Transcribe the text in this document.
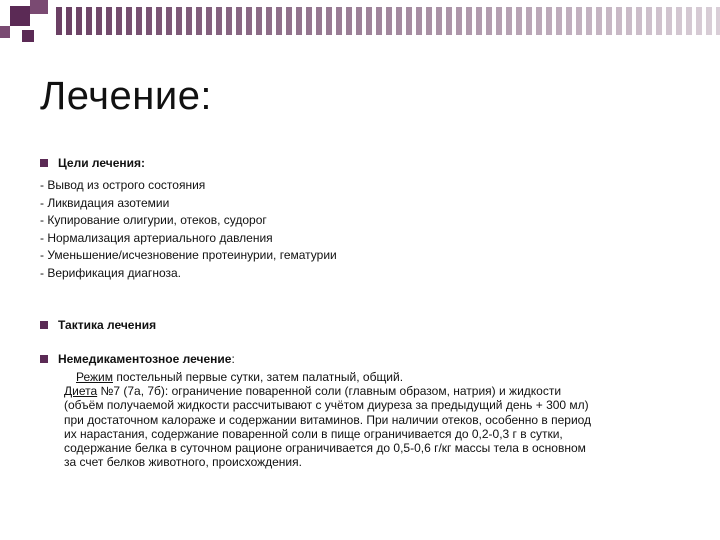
Лечение:
Цели лечения:

- Вывод из острого состояния

- Ликвидация азотемии

- Купирование олигурии, отеков, судорог

- Нормализация артериального давления

- Уменьшение/исчезновение протеинурии, гематурии

- Верификация диагноза.

Тактика лечения
Немедикаментозное лечение:

Режим постельный первые сутки, затем палатный, общий.

Диета №7 (7а, 7б): ограничение поваренной соли (главным образом, натрия) и жидкости

(объём получаемой жидкости рассчитывают с учётом диуреза за предыдущий день + 300 мл)

при достаточном калораже и содержании витаминов. При наличии отеков, особенно в период

их нарастания, содержание поваренной соли в пище ограничивается до 0,2-0,3 г в сутки,

содержание белка в суточном рационе ограничивается до 0,5-0,6 г/кг массы тела в основном

за счет белков животного, происхождения.
